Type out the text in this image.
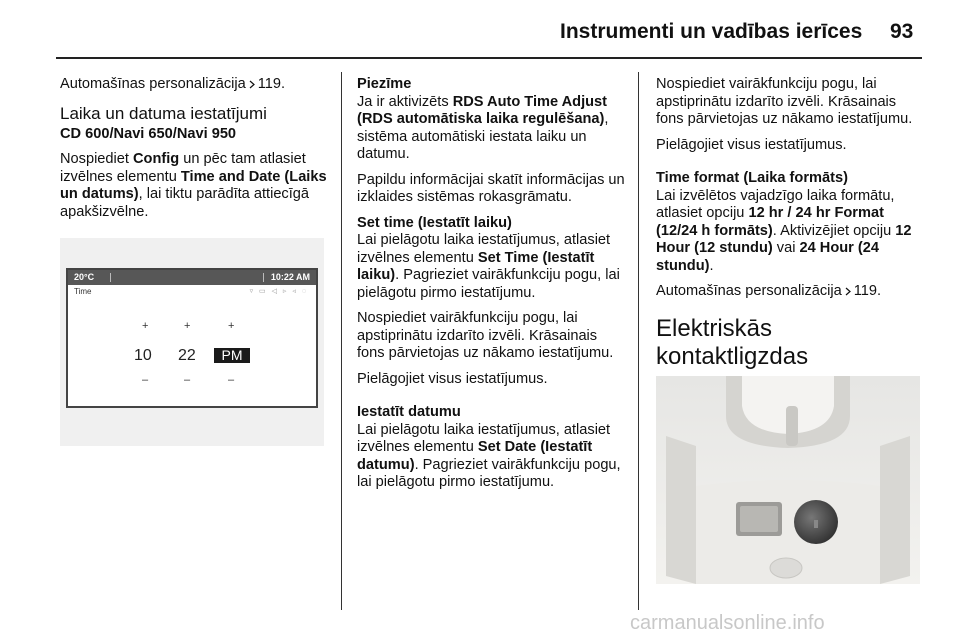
Instrumenti un vadības ierīces 93

Automašīnas personalizācija 119.

Laika un datuma iestatījumi

CD 600/Navi 650/Navi 950

Nospiediet Config un pēc tam atlasiet izvēlnes elementu Time and Date (Laiks un datums), lai tiktu parādīta attiecīgā apakšizvēlne.

20°C	10:22 AM
Time	▿ ▭ ◁ ▹ ◃ ◌
+	+	+
10 22	PM
–	–	–

Piezīme

Ja ir aktivizēts RDS Auto Time Adjust (RDS automātiska laika regulēšana), sistēma automātiski iestata laiku un datumu.

Papildu informācijai skatīt informācijas un izklaides sistēmas rokasgrāmatu.

Set time (Iestatīt laiku)

Lai pielāgotu laika iestatījumus, atlasiet izvēlnes elementu Set Time (Iestatīt laiku). Pagrieziet vairākfunkciju pogu, lai pielāgotu pirmo iestatījumu.

Nospiediet vairākfunkciju pogu, lai apstiprinātu izdarīto izvēli. Krāsainais fons pārvietojas uz nākamo iestatījumu.

Pielāgojiet visus iestatījumus.

Iestatīt datumu

Lai pielāgotu laika iestatījumus, atlasiet izvēlnes elementu Set Date (Iestatīt datumu). Pagrieziet vairākfunkciju pogu, lai pielāgotu pirmo iestatījumu.

Nospiediet vairākfunkciju pogu, lai apstiprinātu izdarīto izvēli. Krāsainais fons pārvietojas uz nākamo iestatījumu.

Pielāgojiet visus iestatījumus.

Time format (Laika formāts)

Lai izvēlētos vajadzīgo laika formātu, atlasiet opciju 12 hr / 24 hr Format (12/24 h formāts). Aktivizējiet opciju 12 Hour (12 stundu) vai 24 Hour (24 stundu).

Automašīnas personalizācija 119.

Elektriskās kontaktligzdas
carmanualsonline.info
